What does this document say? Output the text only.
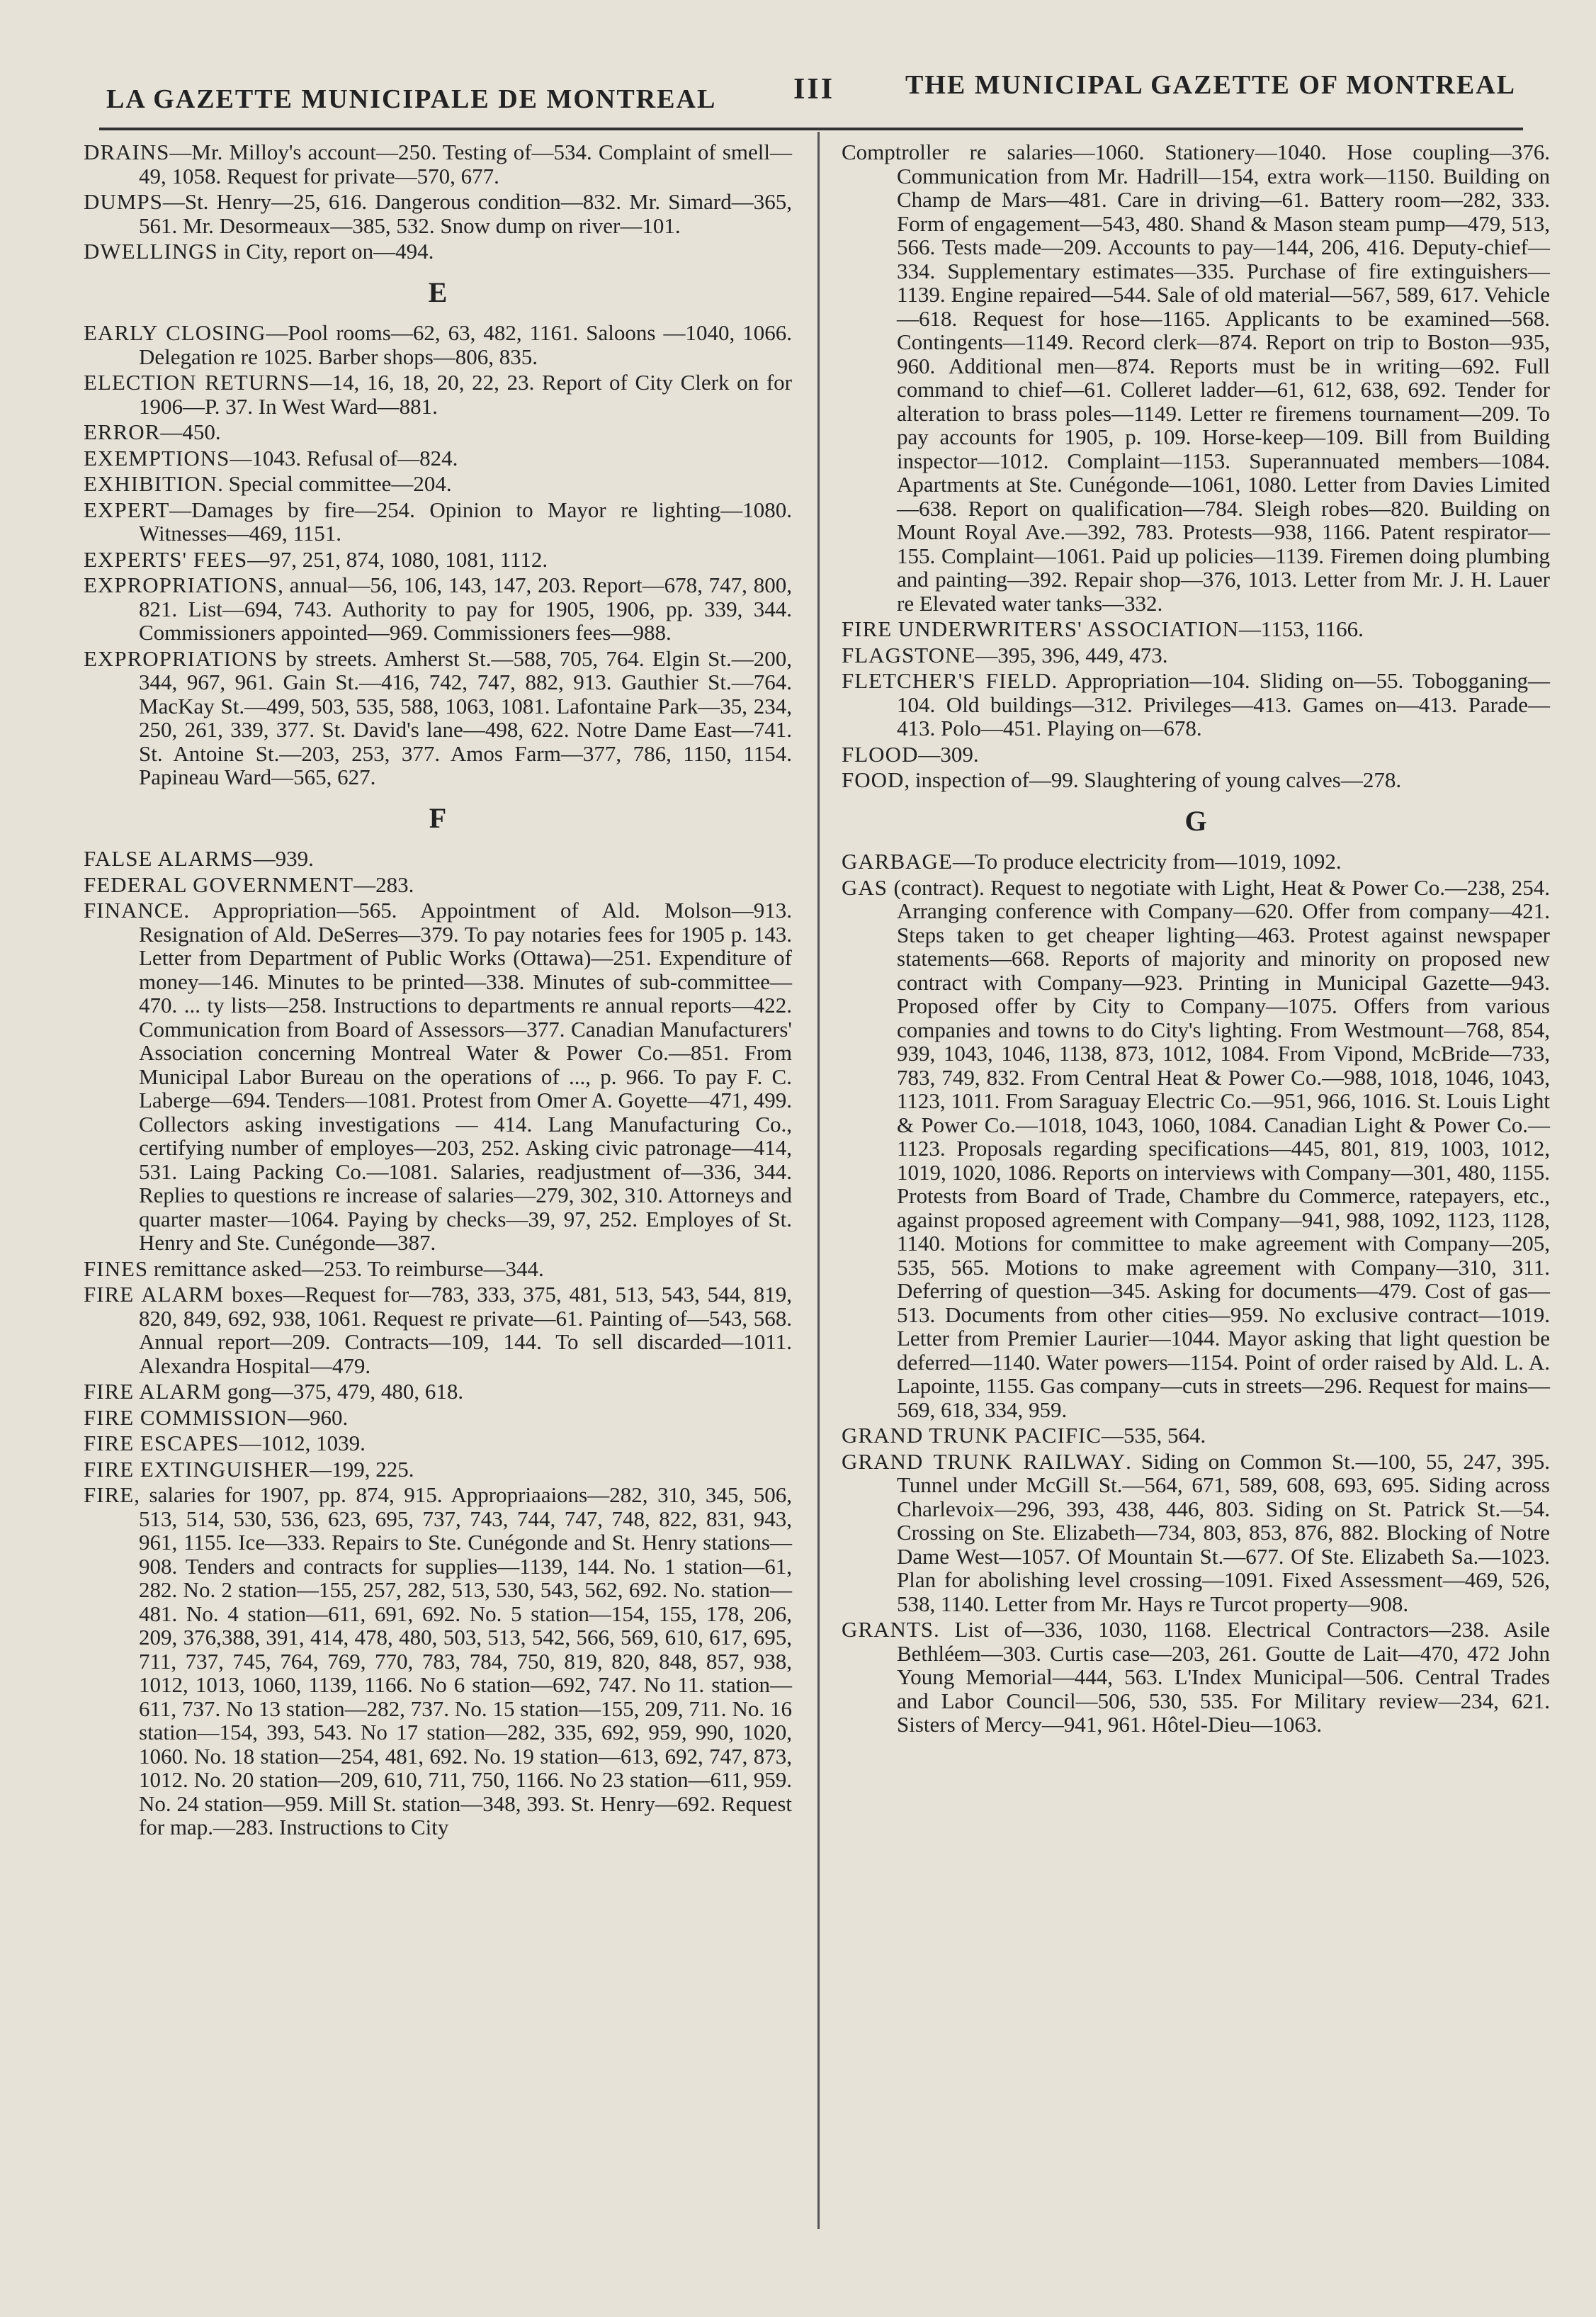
LA GAZETTE MUNICIPALE DE MONTREAL	III	THE MUNICIPAL GAZETTE OF MONTREAL

DRAINS—Mr. Milloy's account—250. Testing of—534. Complaint of smell—49, 1058. Request for private—570, 677.

DUMPS—St. Henry—25, 616. Dangerous condition—832. Mr. Simard—365, 561. Mr. Desormeaux—385, 532. Snow dump on river—101.

DWELLINGS in City, report on—494.

E

EARLY CLOSING—Pool rooms—62, 63, 482, 1161. Saloons —1040, 1066. Delegation re 1025. Barber shops—806, 835.

ELECTION RETURNS—14, 16, 18, 20, 22, 23. Report of City Clerk on for 1906—P. 37. In West Ward—881.

ERROR—450.

EXEMPTIONS—1043. Refusal of—824.

EXHIBITION. Special committee—204.

EXPERT—Damages by fire—254. Opinion to Mayor re lighting—1080. Witnesses—469, 1151.

EXPERTS' FEES—97, 251, 874, 1080, 1081, 1112.

EXPROPRIATIONS, annual—56, 106, 143, 147, 203. Report—678, 747, 800, 821. List—694, 743. Authority to pay for 1905, 1906, pp. 339, 344. Commissioners appointed—969. Commissioners fees—988.

EXPROPRIATIONS by streets. Amherst St.—588, 705, 764. Elgin St.—200, 344, 967, 961. Gain St.—416, 742, 747, 882, 913. Gauthier St.—764. MacKay St.—499, 503, 535, 588, 1063, 1081. Lafontaine Park—35, 234, 250, 261, 339, 377. St. David's lane—498, 622. Notre Dame East—741. St. Antoine St.—203, 253, 377. Amos Farm—377, 786, 1150, 1154. Papineau Ward—565, 627.

F

FALSE ALARMS—939.

FEDERAL GOVERNMENT—283.

FINANCE. Appropriation—565. Appointment of Ald. Molson—913. Resignation of Ald. DeSerres—379. To pay notaries fees for 1905 p. 143. Letter from Department of Public Works (Ottawa)—251. Expenditure of money—146. Minutes to be printed—338. Minutes of sub-committee—470. ... ty lists—258. Instructions to departments re annual reports—422. Communication from Board of Assessors—377. Canadian Manufacturers' Association concerning Montreal Water & Power Co.—851. From Municipal Labor Bureau on the operations of ..., p. 966. To pay F. C. Laberge—694. Tenders—1081. Protest from Omer A. Goyette—471, 499. Collectors asking investigations — 414. Lang Manufacturing Co., certifying number of employes—203, 252. Asking civic patronage—414, 531. Laing Packing Co.—1081. Salaries, readjustment of—336, 344. Replies to questions re increase of salaries—279, 302, 310. Attorneys and quarter master—1064. Paying by checks—39, 97, 252. Employes of St. Henry and Ste. Cunégonde—387.

FINES remittance asked—253. To reimburse—344.

FIRE ALARM boxes—Request for—783, 333, 375, 481, 513, 543, 544, 819, 820, 849, 692, 938, 1061. Request re private—61. Painting of—543, 568. Annual report—209. Contracts—109, 144. To sell discarded—1011. Alexandra Hospital—479.

FIRE ALARM gong—375, 479, 480, 618.

FIRE COMMISSION—960.

FIRE ESCAPES—1012, 1039.

FIRE EXTINGUISHER—199, 225.

FIRE, salaries for 1907, pp. 874, 915. Appropriaaions—282, 310, 345, 506, 513, 514, 530, 536, 623, 695, 737, 743, 744, 747, 748, 822, 831, 943, 961, 1155. Ice—333. Repairs to Ste. Cunégonde and St. Henry stations—908. Tenders and contracts for supplies—1139, 144. No. 1 station—61, 282. No. 2 station—155, 257, 282, 513, 530, 543, 562, 692. No. station—481. No. 4 station—611, 691, 692. No. 5 station—154, 155, 178, 206, 209, 376,388, 391, 414, 478, 480, 503, 513, 542, 566, 569, 610, 617, 695, 711, 737, 745, 764, 769, 770, 783, 784, 750, 819, 820, 848, 857, 938, 1012, 1013, 1060, 1139, 1166. No 6 station—692, 747. No 11. station—611, 737. No 13 station—282, 737. No. 15 station—155, 209, 711. No. 16 station—154, 393, 543. No 17 station—282, 335, 692, 959, 990, 1020, 1060. No. 18 station—254, 481, 692. No. 19 station—613, 692, 747, 873, 1012. No. 20 station—209, 610, 711, 750, 1166. No 23 station—611, 959. No. 24 station—959. Mill St. station—348, 393. St. Henry—692. Request for map.—283. Instructions to City

Comptroller re salaries—1060. Stationery—1040. Hose coupling—376. Communication from Mr. Hadrill—154, extra work—1150. Building on Champ de Mars—481. Care in driving—61. Battery room—282, 333. Form of engagement—543, 480. Shand & Mason steam pump—479, 513, 566. Tests made—209. Accounts to pay—144, 206, 416. Deputy-chief—334. Supplementary estimates—335. Purchase of fire extinguishers—1139. Engine repaired—544. Sale of old material—567, 589, 617. Vehicle—618. Request for hose—1165. Applicants to be examined—568. Contingents—1149. Record clerk—874. Report on trip to Boston—935, 960. Additional men—874. Reports must be in writing—692. Full command to chief—61. Colleret ladder—61, 612, 638, 692. Tender for alteration to brass poles—1149. Letter re firemens tournament—209. To pay accounts for 1905, p. 109. Horse-keep—109. Bill from Building inspector—1012. Complaint—1153. Superannuated members—1084. Apartments at Ste. Cunégonde—1061, 1080. Letter from Davies Limited—638. Report on qualification—784. Sleigh robes—820. Building on Mount Royal Ave.—392, 783. Protests—938, 1166. Patent respirator—155. Complaint—1061. Paid up policies—1139. Firemen doing plumbing and painting—392. Repair shop—376, 1013. Letter from Mr. J. H. Lauer re Elevated water tanks—332.

FIRE UNDERWRITERS' ASSOCIATION—1153, 1166.

FLAGSTONE—395, 396, 449, 473.

FLETCHER'S FIELD. Appropriation—104. Sliding on—55. Tobogganing—104. Old buildings—312. Privileges—413. Games on—413. Parade—413. Polo—451. Playing on—678.

FLOOD—309.

FOOD, inspection of—99. Slaughtering of young calves—278.

G

GARBAGE—To produce electricity from—1019, 1092.

GAS (contract). Request to negotiate with Light, Heat & Power Co.—238, 254. Arranging conference with Company—620. Offer from company—421. Steps taken to get cheaper lighting—463. Protest against newspaper statements—668. Reports of majority and minority on proposed new contract with Company—923. Printing in Municipal Gazette—943. Proposed offer by City to Company—1075. Offers from various companies and towns to do City's lighting. From Westmount—768, 854, 939, 1043, 1046, 1138, 873, 1012, 1084. From Vipond, McBride—733, 783, 749, 832. From Central Heat & Power Co.—988, 1018, 1046, 1043, 1123, 1011. From Saraguay Electric Co.—951, 966, 1016. St. Louis Light & Power Co.—1018, 1043, 1060, 1084. Canadian Light & Power Co.—1123. Proposals regarding specifications—445, 801, 819, 1003, 1012, 1019, 1020, 1086. Reports on interviews with Company—301, 480, 1155. Protests from Board of Trade, Chambre du Commerce, ratepayers, etc., against proposed agreement with Company—941, 988, 1092, 1123, 1128, 1140. Motions for committee to make agreement with Company—205, 535, 565. Motions to make agreement with Company—310, 311. Deferring of question—345. Asking for documents—479. Cost of gas—513. Documents from other cities—959. No exclusive contract—1019. Letter from Premier Laurier—1044. Mayor asking that light question be deferred—1140. Water powers—1154. Point of order raised by Ald. L. A. Lapointe, 1155. Gas company—cuts in streets—296. Request for mains—569, 618, 334, 959.

GRAND TRUNK PACIFIC—535, 564.

GRAND TRUNK RAILWAY. Siding on Common St.—100, 55, 247, 395. Tunnel under McGill St.—564, 671, 589, 608, 693, 695. Siding across Charlevoix—296, 393, 438, 446, 803. Siding on St. Patrick St.—54. Crossing on Ste. Elizabeth—734, 803, 853, 876, 882. Blocking of Notre Dame West—1057. Of Mountain St.—677. Of Ste. Elizabeth Sa.—1023. Plan for abolishing level crossing—1091. Fixed Assessment—469, 526, 538, 1140. Letter from Mr. Hays re Turcot property—908.

GRANTS. List of—336, 1030, 1168. Electrical Contractors—238. Asile Bethléem—303. Curtis case—203, 261. Goutte de Lait—470, 472 John Young Memorial—444, 563. L'Index Municipal—506. Central Trades and Labor Council—506, 530, 535. For Military review—234, 621. Sisters of Mercy—941, 961. Hôtel-Dieu—1063.
